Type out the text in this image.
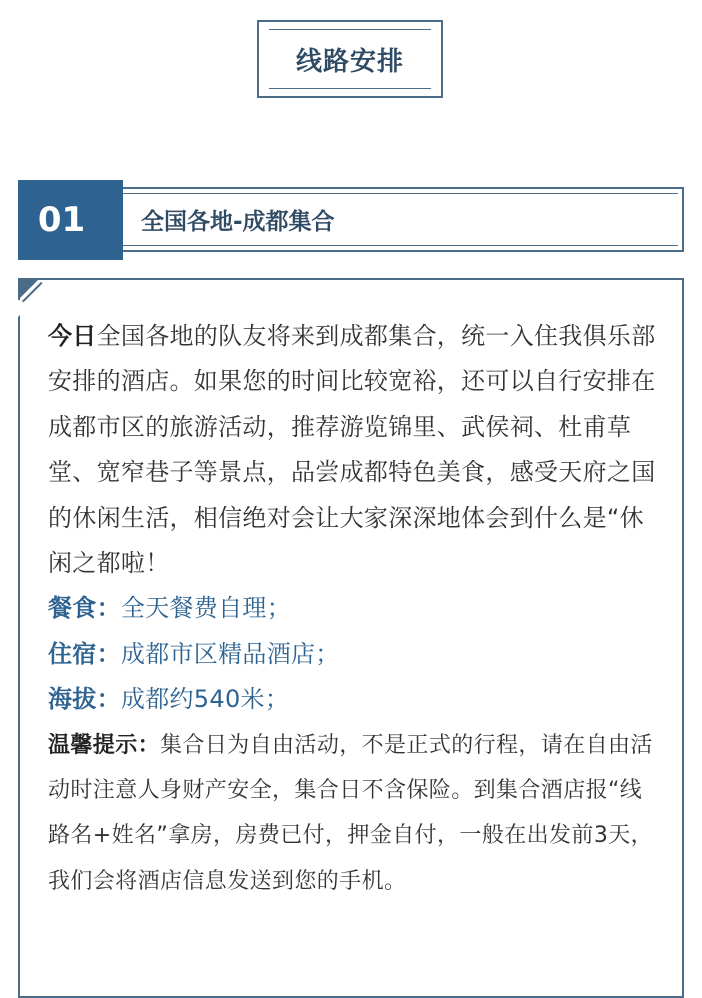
线路安排
01	全国各地-成都集合

今日全国各地的队友将来到成都集合，统一入住我俱乐部安排的酒店。如果您的时间比较宽裕，还可以自行安排在成都市区的旅游活动，推荐游览锦里、武侯祠、杜甫草堂、宽窄巷子等景点，品尝成都特色美食，感受天府之国的休闲生活，相信绝对会让大家深深地体会到什么是“休闲之都啦！

餐食：全天餐费自理；

住宿：成都市区精品酒店；

海拔：成都约540米；

温馨提示：集合日为自由活动，不是正式的行程，请在自由活动时注意人身财产安全，集合日不含保险。到集合酒店报“线路名+姓名”拿房，房费已付，押金自付，一般在出发前3天，我们会将酒店信息发送到您的手机。
